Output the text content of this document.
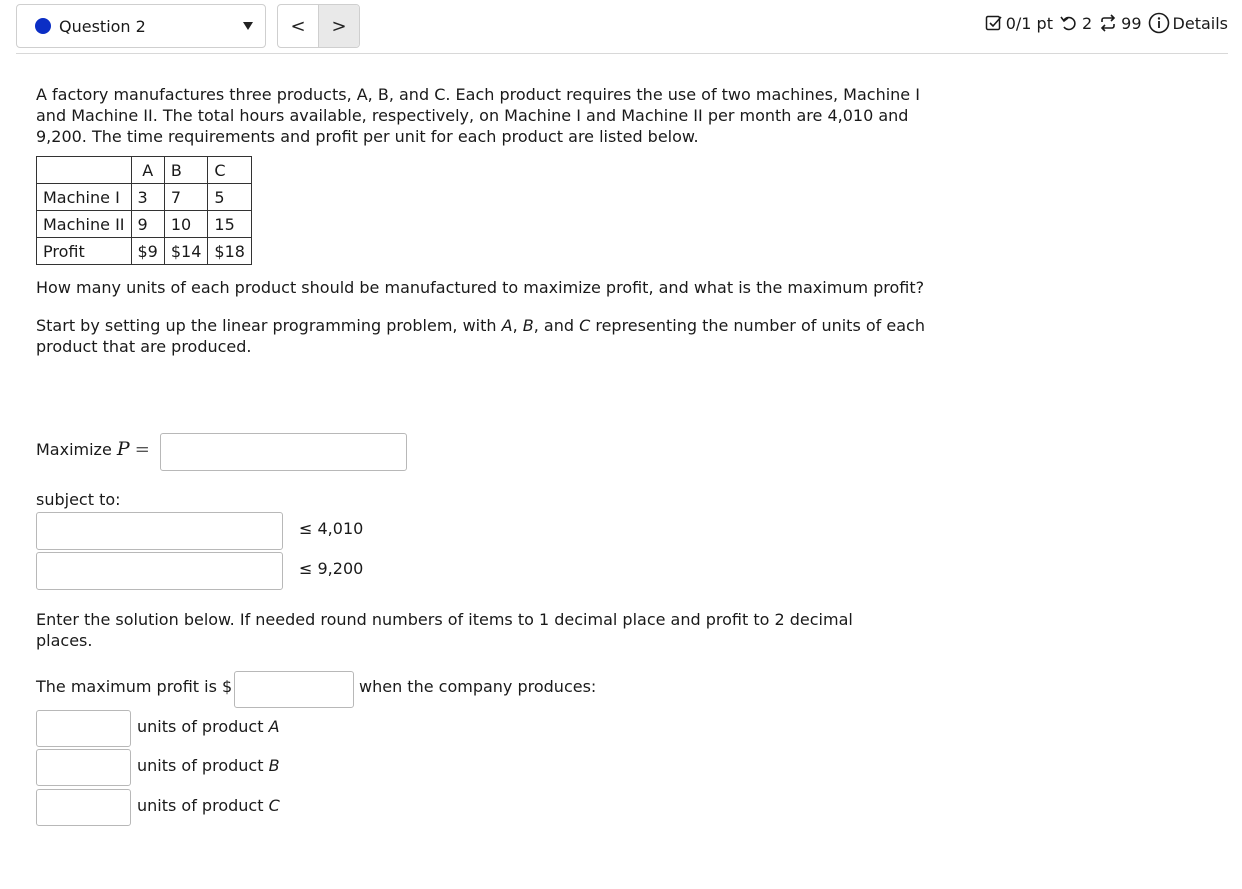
Question 2	< >	0/1 pt 2 99 Details

A factory manufactures three products, A, B, and C. Each product requires the use of two machines, Machine I and Machine II. The total hours available, respectively, on Machine I and Machine II per month are 4,010 and 9,200. The time requirements and profit per unit for each product are listed below.

	A	B	C
Machine I	3	7	5
Machine II	9	10	15
Profit	$9	$14	$18

How many units of each product should be manufactured to maximize profit, and what is the maximum profit?

Start by setting up the linear programming problem, with A, B, and C representing the number of units of each product that are produced.

Maximize P =
subject to:
≤ 4,010
≤ 9,200

Enter the solution below. If needed round numbers of items to 1 decimal place and profit to 2 decimal places.

The maximum profit is $	when the company produces:
units of product A
units of product B
units of product C
